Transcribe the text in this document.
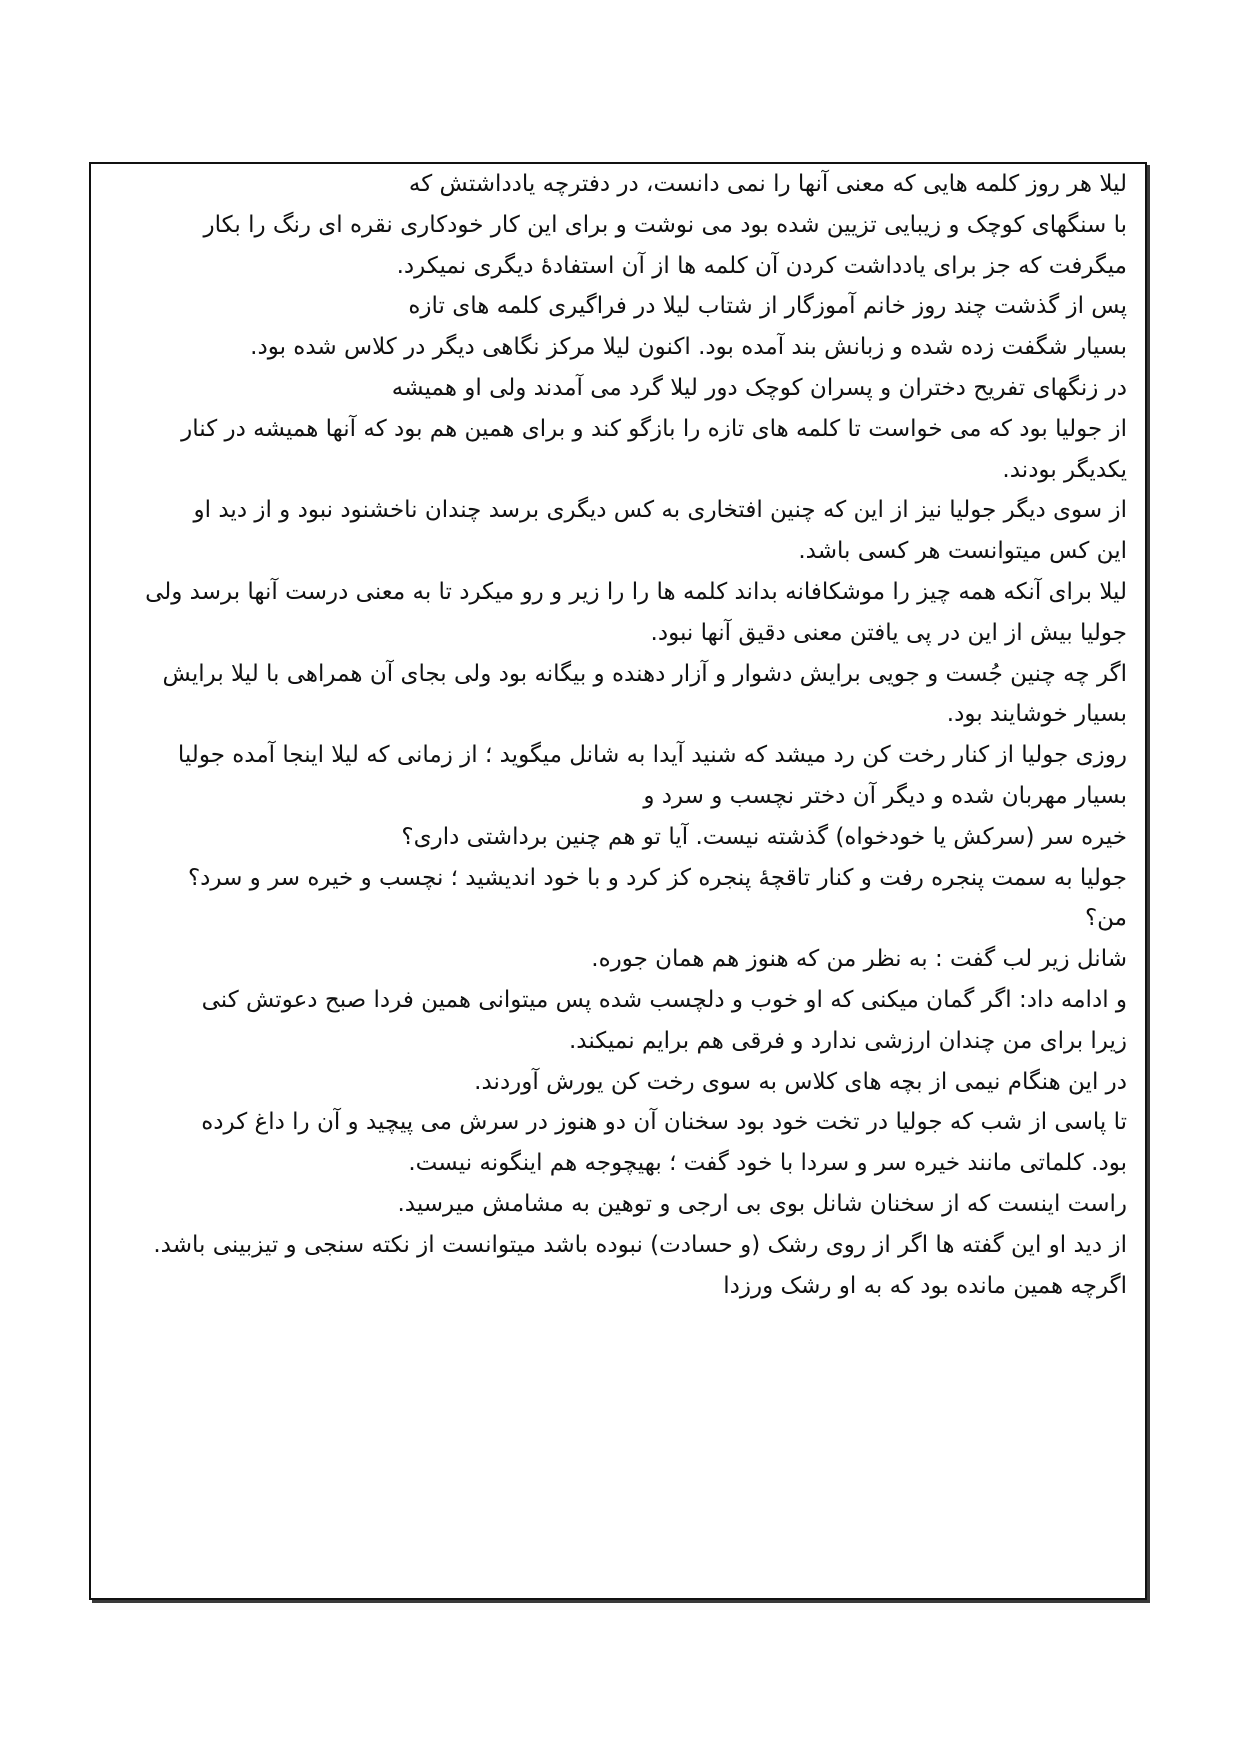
لیلا هر روز کلمه هایی که معنی آنها را نمی دانست، در دفترچه یادداشتش که
با سنگهای کوچک و زیبایی تزیین شده بود می نوشت و برای این کار خودکاری نقره ای رنگ را بکار
میگرفت که جز برای یادداشت کردن آن کلمه ها از آن استفادۀ دیگری نمیکرد.
پس از گذشت چند روز خانم آموزگار از شتاب لیلا در فراگیری کلمه های تازه
بسیار شگفت زده شده و زبانش بند آمده بود. اکنون لیلا مرکز نگاهی دیگر در کلاس شده بود.
در زنگهای تفریح دختران و پسران کوچک دور لیلا گرد می آمدند ولی او همیشه
از جولیا بود که می خواست تا کلمه های تازه را بازگو کند و برای همین هم بود که آنها همیشه در کنار
یکدیگر بودند.
از سوی دیگر جولیا نیز از این که چنین افتخاری به کس دیگری برسد چندان ناخشنود نبود و از دید او
این کس میتوانست هر کسی باشد.
لیلا برای آنکه همه چیز را موشکافانه بداند کلمه ها را را زیر و رو میکرد تا به معنی درست آنها برسد ولی
جولیا بیش از این در پی یافتن معنی دقیق آنها نبود.
اگر چه چنین جُست و جویی برایش دشوار و آزار دهنده و بیگانه بود ولی بجای آن همراهی با لیلا برایش
بسیار خوشایند بود.
روزی جولیا از کنار رخت کن رد میشد که شنید آیدا به شانل میگوید ؛ از زمانی که لیلا اینجا آمده جولیا
بسیار مهربان شده و دیگر آن دختر نچسب و سرد و
خیره سر (سرکش یا خودخواه) گذشته نیست. آیا تو هم چنین برداشتی داری؟
جولیا به سمت پنجره رفت و کنار تاقچۀ پنجره کز کرد و با خود اندیشید ؛ نچسب و خیره سر و سرد؟
من؟
شانل زیر لب گفت : به نظر من که هنوز هم همان جوره.
و ادامه داد: اگر گمان میکنی که او خوب و دلچسب شده پس میتوانی همین فردا صبح دعوتش کنی
زیرا برای من چندان ارزشی ندارد و فرقی هم برایم نمیکند.
در این هنگام نیمی از بچه های کلاس به سوی رخت کن یورش آوردند.
تا پاسی از شب که جولیا در تخت خود بود سخنان آن دو هنوز در سرش می پیچید و آن را داغ کرده
بود. کلماتی مانند خیره سر و سردا با خود گفت ؛ بهیچوجه هم اینگونه نیست.
راست اینست که از سخنان شانل بوی بی ارجی و توهین به مشامش میرسید.
از دید او این گفته ها اگر از روی رشک (و حسادت) نبوده باشد میتوانست از نکته سنجی و تیزبینی باشد.
اگرچه همین مانده بود که به او رشک ورزدا
